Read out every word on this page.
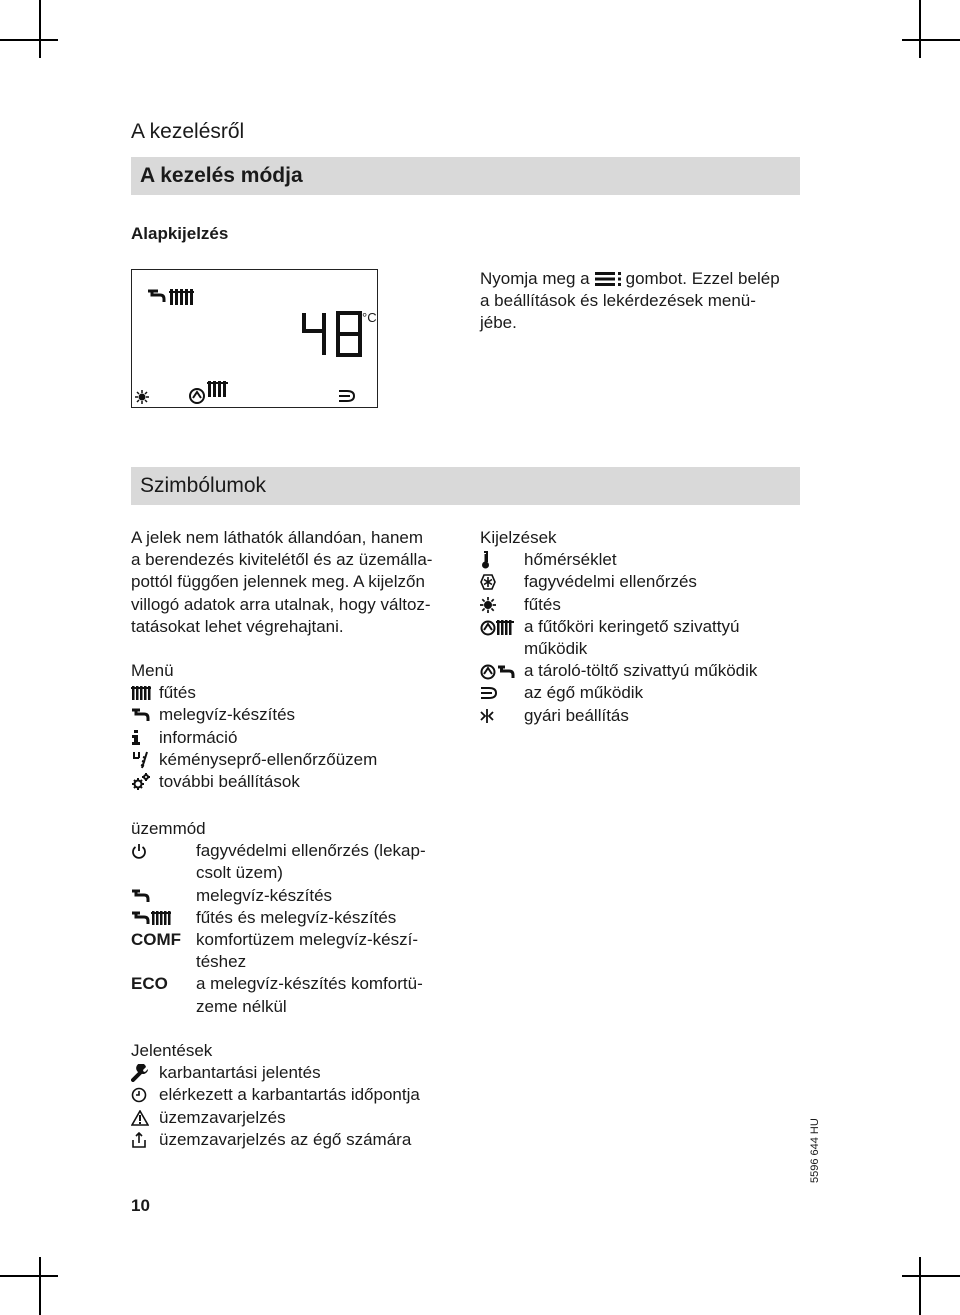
A kezelésről
A kezelés módja
Alapkijelzés
°C
Nyomja meg a gombot. Ezzel belép
a beállítások és lekérdezések menü-
jébe.
Szimbólumok
A jelek nem láthatók állandóan, hanem
a berendezés kivitelétől és az üzemálla-
pottól függően jelennek meg. A kijelzőn
villogó adatok arra utalnak, hogy változ-
tatásokat lehet végrehajtani.
Menü
fűtés
melegvíz-készítés
információ
kéményseprő-ellenőrzőüzem
további beállítások
Kijelzések
hőmérséklet
fagyvédelmi ellenőrzés
fűtés
a fűtőköri keringető szivattyú
működik
a tároló-töltő szivattyú működik
az égő működik
gyári beállítás
üzemmód
fagyvédelmi ellenőrzés (lekap-
csolt üzem)
melegvíz-készítés
fűtés és melegvíz-készítés
COMF komfortüzem melegvíz-készí-
téshez
ECO	a melegvíz-készítés komfortü-
zeme nélkül
Jelentések
karbantartási jelentés
elérkezett a karbantartás időpontja
üzemzavarjelzés
üzemzavarjelzés az égő számára
10
5596 644 HU
